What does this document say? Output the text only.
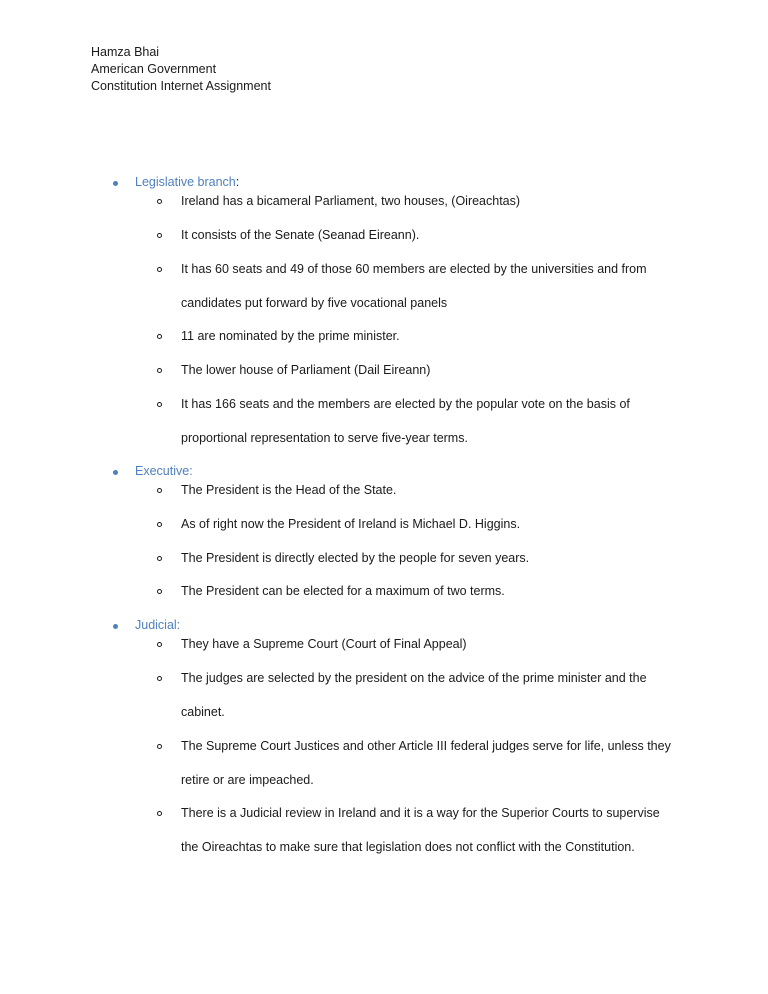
Hamza Bhai
American Government
Constitution Internet Assignment
Legislative branch:
Ireland has a bicameral Parliament, two houses, (Oireachtas)
It consists of the Senate (Seanad Eireann).
It has 60 seats and 49 of those 60 members are elected by the universities and from
candidates put forward by five vocational panels
11 are nominated by the prime minister.
The lower house of Parliament (Dail Eireann)
It has 166 seats and the members are elected by the popular vote on the basis of
proportional representation to serve five-year terms.
Executive:
The President is the Head of the State.
As of right now the President of Ireland is Michael D. Higgins.
The President is directly elected by the people for seven years.
The President can be elected for a maximum of two terms.
Judicial:
They have a Supreme Court (Court of Final Appeal)
The judges are selected by the president on the advice of the prime minister and the
cabinet.
The Supreme Court Justices and other Article III federal judges serve for life, unless they
retire or are impeached.
There is a Judicial review in Ireland and it is a way for the Superior Courts to supervise
the Oireachtas to make sure that legislation does not conflict with the Constitution.
